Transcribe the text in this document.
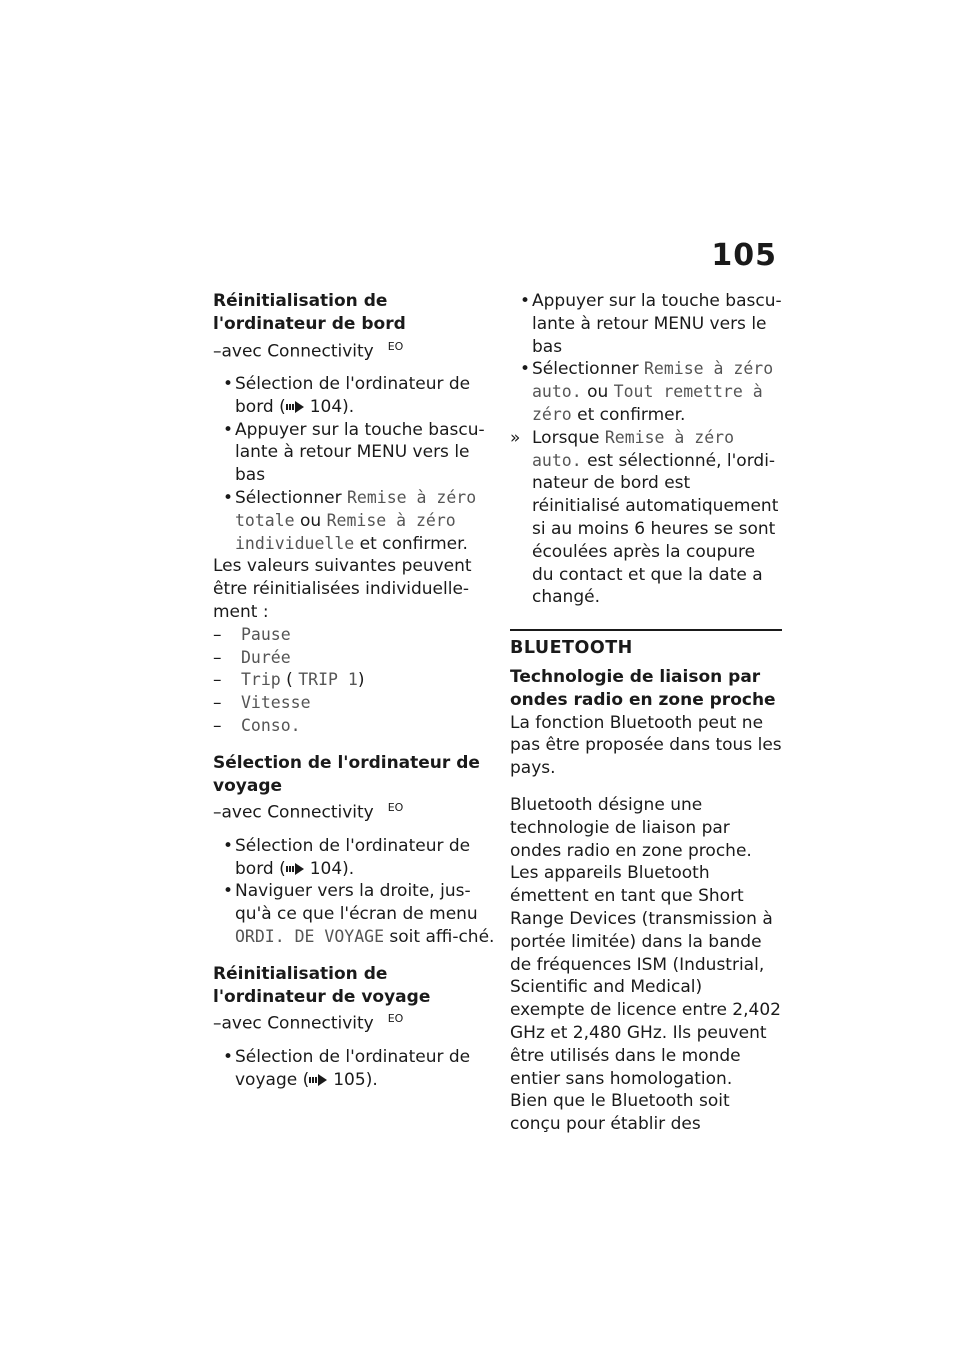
105
Réinitialisation de l'ordinateur de bord

–avec Connectivity $^{EO}$

• Sélection de l'ordinateur de bord ( 104).

• Appuyer sur la touche bascu-lante à retour MENU vers le bas

• Sélectionner Remise à zéro totale ou Remise à zéro individuelle et confirmer.

Les valeurs suivantes peuvent être réinitialisées individuelle-ment :

– Pause

– Durée

– Trip ( TRIP 1)

– Vitesse

– Conso.

Sélection de l'ordinateur de voyage

–avec Connectivity $^{EO}$

• Sélection de l'ordinateur de bord ( 104).

• Naviguer vers la droite, jus-qu'à ce que l'écran de menu ORDI. DE VOYAGE soit affi-ché.

Réinitialisation de l'ordinateur de voyage

–avec Connectivity $^{EO}$

• Sélection de l'ordinateur de voyage ( 105).

• Appuyer sur la touche bascu-lante à retour MENU vers le bas

• Sélectionner Remise à zéro auto. ou Tout remettre à zéro et confirmer.

» Lorsque Remise à zéro auto. est sélectionné, l'ordi-nateur de bord est réinitialisé automatiquement si au moins 6 heures se sont écoulées après la coupure du contact et que la date a changé.

BLUETOOTH
Technologie de liaison par ondes radio en zone proche

La fonction Bluetooth peut ne pas être proposée dans tous les pays.

Bluetooth désigne une technologie de liaison par ondes radio en zone proche. Les appareils Bluetooth émettent en tant que Short Range Devices (transmission à portée limitée) dans la bande de fréquences ISM (Industrial, Scientific and Medical) exempte de licence entre 2,402 GHz et 2,480 GHz. Ils peuvent être utilisés dans le monde entier sans homologation.

Bien que le Bluetooth soit conçu pour établir des
